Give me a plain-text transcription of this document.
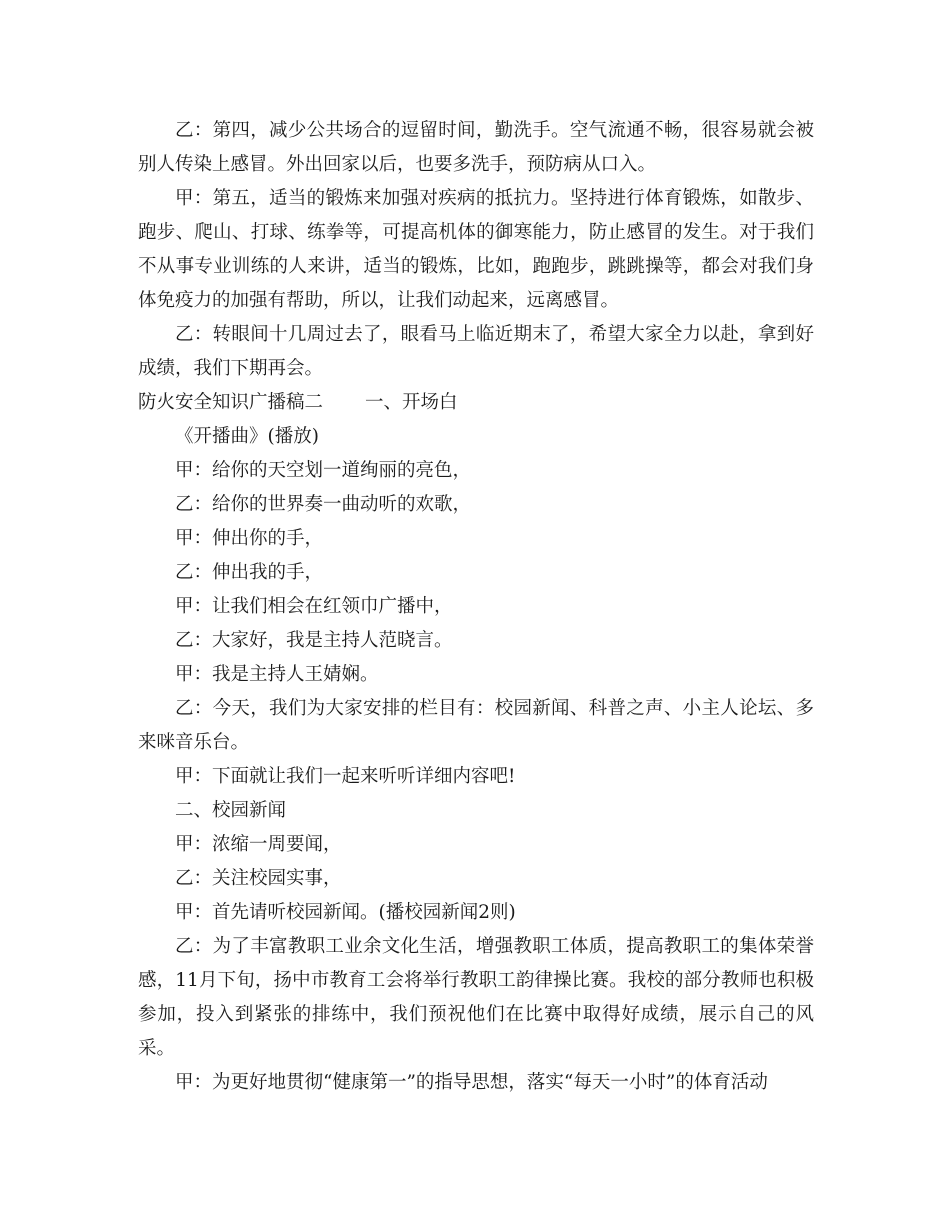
乙：第四，减少公共场合的逗留时间，勤洗手。空气流通不畅，很容易就会被别人传染上感冒。外出回家以后，也要多洗手，预防病从口入。

甲：第五，适当的锻炼来加强对疾病的抵抗力。坚持进行体育锻炼，如散步、跑步、爬山、打球、练拳等，可提高机体的御寒能力，防止感冒的发生。对于我们不从事专业训练的人来讲，适当的锻炼，比如，跑跑步，跳跳操等，都会对我们身体免疫力的加强有帮助，所以，让我们动起来，远离感冒。

乙：转眼间十几周过去了，眼看马上临近期末了，希望大家全力以赴，拿到好成绩，我们下期再会。

防火安全知识广播稿二 一、开场白

《开播曲》(播放)

甲：给你的天空划一道绚丽的亮色，

乙：给你的世界奏一曲动听的欢歌，

甲：伸出你的手，

乙：伸出我的手，

甲：让我们相会在红领巾广播中，

乙：大家好，我是主持人范晓言。

甲：我是主持人王婧娴。

乙：今天，我们为大家安排的栏目有：校园新闻、科普之声、小主人论坛、多来咪音乐台。

甲：下面就让我们一起来听听详细内容吧!

二、校园新闻

甲：浓缩一周要闻，

乙：关注校园实事，

甲：首先请听校园新闻。(播校园新闻2则)

乙：为了丰富教职工业余文化生活，增强教职工体质，提高教职工的集体荣誉感，11月下旬，扬中市教育工会将举行教职工韵律操比赛。我校的部分教师也积极参加，投入到紧张的排练中，我们预祝他们在比赛中取得好成绩，展示自己的风采。

甲：为更好地贯彻“健康第一”的指导思想，落实“每天一小时”的体育活动
